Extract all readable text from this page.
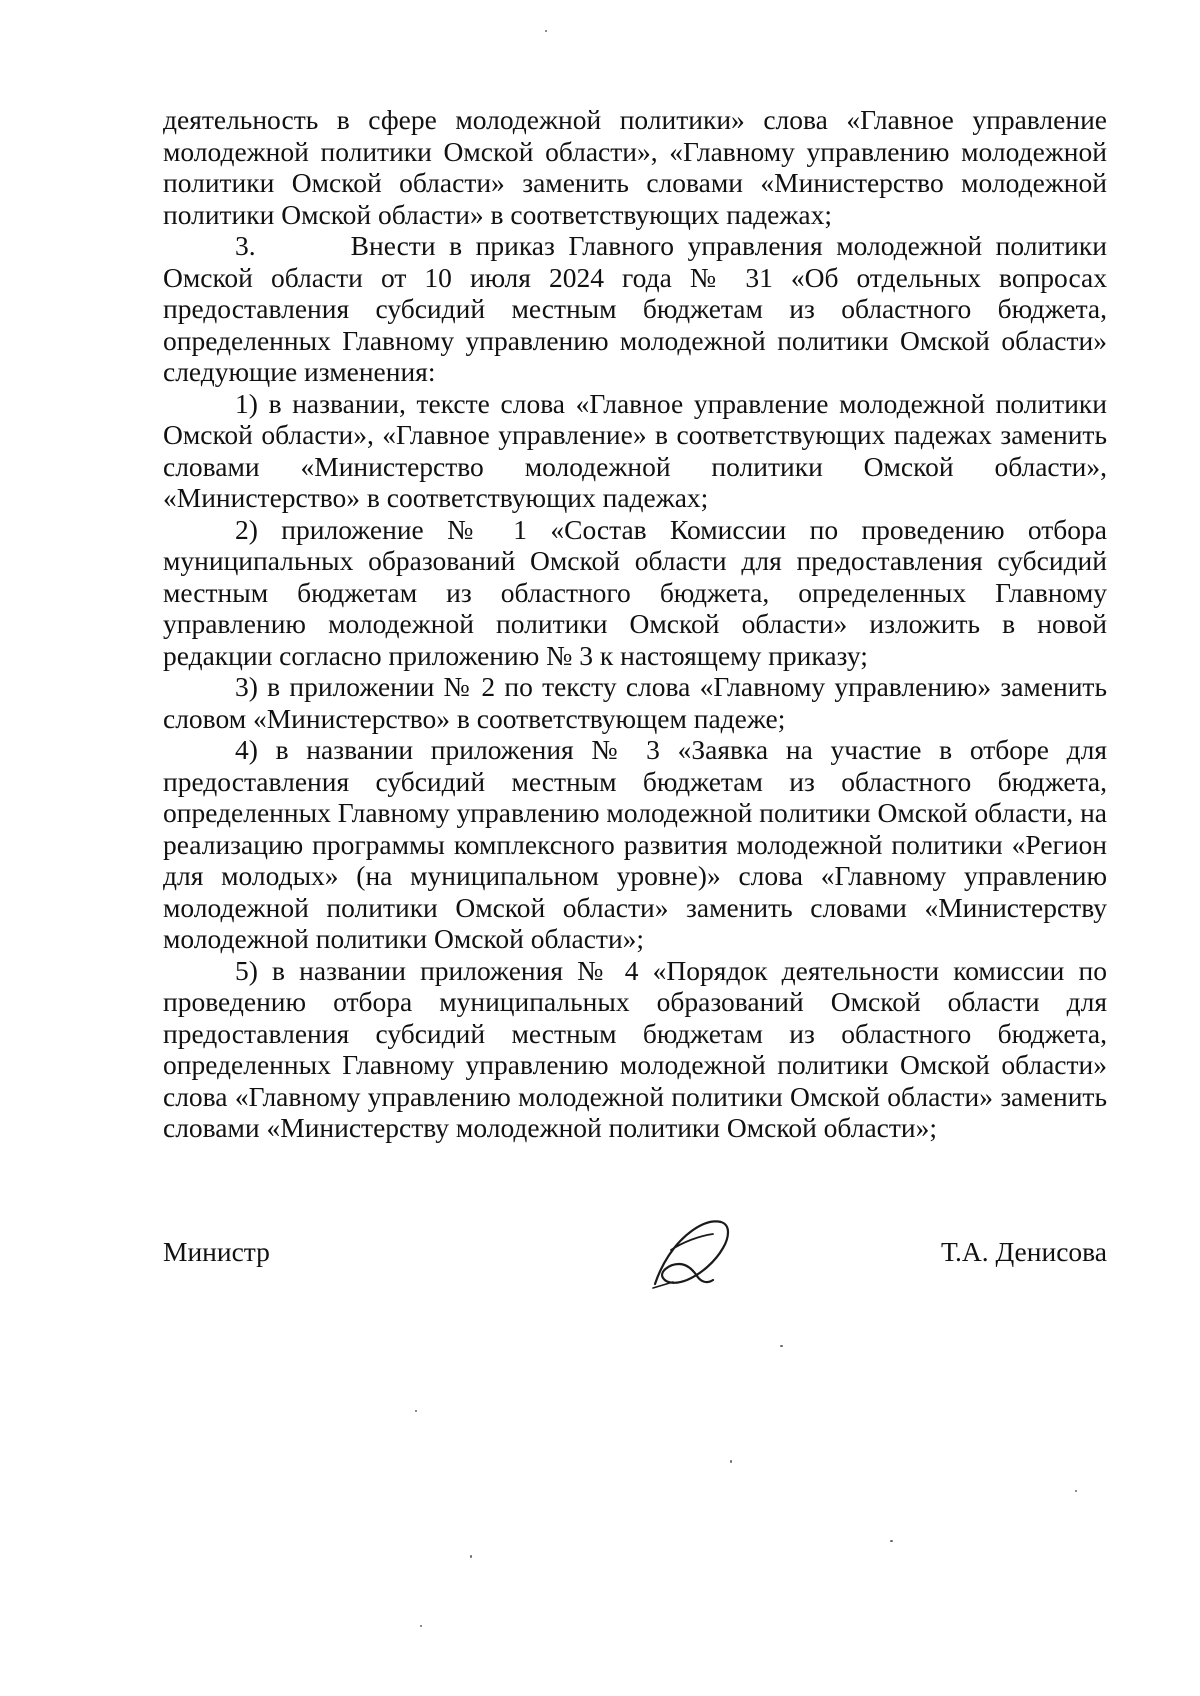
деятельность в сфере молодежной политики» слова «Главное управление молодежной политики Омской области», «Главному управлению молодежной политики Омской области» заменить словами «Министерство молодежной политики Омской области» в соответствующих падежах;

3.       Внести в приказ Главного управления молодежной политики Омской области от 10 июля 2024 года № 31 «Об отдельных вопросах предоставления субсидий местным бюджетам из областного бюджета, определенных Главному управлению молодежной политики Омской области» следующие изменения:

1) в названии, тексте слова «Главное управление молодежной политики Омской области», «Главное управление» в соответствующих падежах заменить словами «Министерство молодежной политики Омской области», «Министерство» в соответствующих падежах;

2) приложение № 1 «Состав Комиссии по проведению отбора муниципальных образований Омской области для предоставления субсидий местным бюджетам из областного бюджета, определенных Главному управлению молодежной политики Омской области» изложить в новой редакции согласно приложению № 3 к настоящему приказу;

3) в приложении № 2 по тексту слова «Главному управлению» заменить словом «Министерство» в соответствующем падеже;

4) в названии приложения № 3 «Заявка на участие в отборе для предоставления субсидий местным бюджетам из областного бюджета, определенных Главному управлению молодежной политики Омской области, на реализацию программы комплексного развития молодежной политики «Регион для молодых» (на муниципальном уровне)» слова «Главному управлению молодежной политики Омской области» заменить словами «Министерству молодежной политики Омской области»;

5) в названии приложения № 4 «Порядок деятельности комиссии по проведению отбора муниципальных образований Омской области для предоставления субсидий местным бюджетам из областного бюджета, определенных Главному управлению молодежной политики Омской области» слова «Главному управлению молодежной политики Омской области» заменить словами «Министерству молодежной политики Омской области»;

Министр	Т.А. Денисова
